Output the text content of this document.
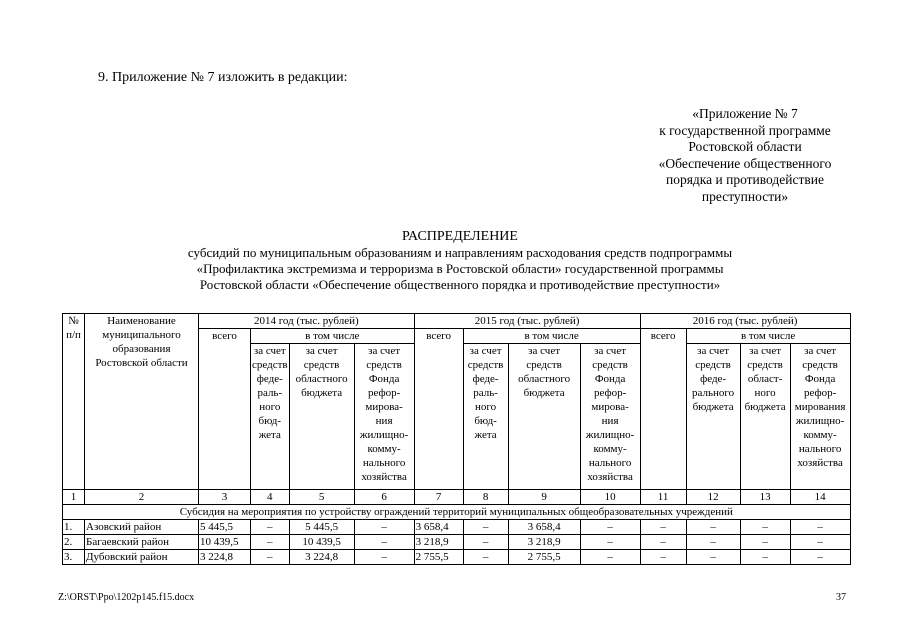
9. Приложение № 7 изложить в редакции:
«Приложение № 7
к государственной программе
Ростовской области
«Обеспечение общественного
порядка и противодействие
преступности»
РАСПРЕДЕЛЕНИЕ
субсидий по муниципальным образованиям и направлениям расходования средств подпрограммы
«Профилактика экстремизма и терроризма в Ростовской области» государственной программы
Ростовской области «Обеспечение общественного порядка и противодействие преступности»
№ п/п	Наименование муниципального образования Ростовской области	2014 год (тыс. рублей)				2015 год (тыс. рублей)				2016 год (тыс. рублей)			
		всего	в том числе			всего	в том числе			всего	в том числе		
			за счет средств феде- раль- ного бюд- жета	за счет средств областного бюджета	за счет средств Фонда рефор- мирова- ния жилищно- комму- нального хозяйства		за счет средств феде- раль- ного бюд- жета	за счет средств областного бюджета	за счет средств Фонда рефор- мирова- ния жилищно- комму- нального хозяйства		за счет средств феде- рального бюджета	за счет средств област- ного бюджета	за счет средств Фонда рефор- мирования жилищно- комму- нального хозяйства
1	2	3	4	5	6	7	8	9	10	11	12	13	14
Субсидия на мероприятия по устройству ограждений территорий муниципальных общеобразовательных учреждений													
1.	Азовский район	5 445,5	–	5 445,5	–	3 658,4	–	3 658,4	–	–	–	–	–
2.	Багаевский район	10 439,5	–	10 439,5	–	3 218,9	–	3 218,9	–	–	–	–	–
3.	Дубовский район	3 224,8	–	3 224,8	–	2 755,5	–	2 755,5	–	–	–	–	–
Z:\ORST\Ppo\1202p145.f15.docx	37
